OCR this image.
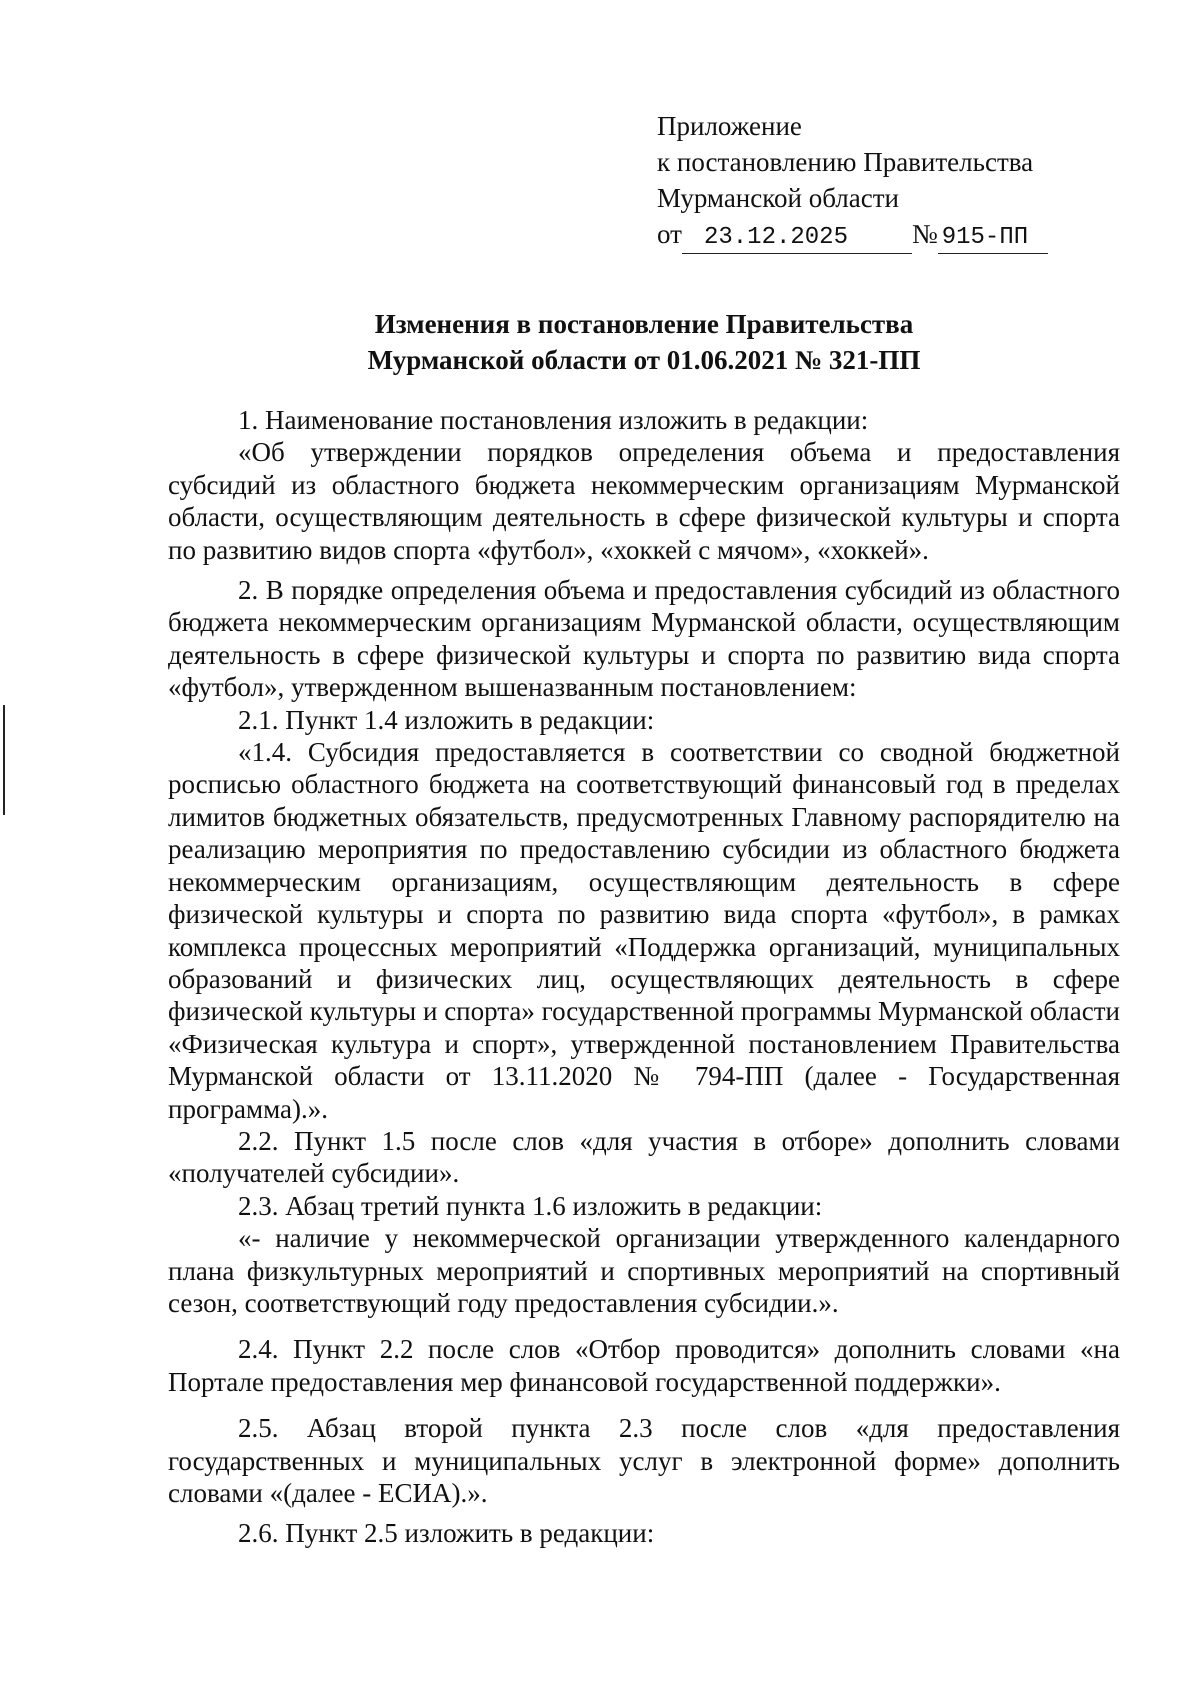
Приложение
к постановлению Правительства
Мурманской области
от 23.12.2025 № 915-ПП
Изменения в постановление Правительства
Мурманской области от 01.06.2021 № 321-ПП

1. Наименование постановления изложить в редакции:

«Об утверждении порядков определения объема и предоставления субсидий из областного бюджета некоммерческим организациям Мурманской области, осуществляющим деятельность в сфере физической культуры и спорта по развитию видов спорта «футбол», «хоккей с мячом», «хоккей».

2. В порядке определения объема и предоставления субсидий из областного бюджета некоммерческим организациям Мурманской области, осуществляющим деятельность в сфере физической культуры и спорта по развитию вида спорта «футбол», утвержденном вышеназванным постановлением:

2.1. Пункт 1.4 изложить в редакции:

«1.4. Субсидия предоставляется в соответствии со сводной бюджетной росписью областного бюджета на соответствующий финансовый год в пределах лимитов бюджетных обязательств, предусмотренных Главному распорядителю на реализацию мероприятия по предоставлению субсидии из областного бюджета некоммерческим организациям, осуществляющим деятельность в сфере физической культуры и спорта по развитию вида спорта «футбол», в рамках комплекса процессных мероприятий «Поддержка организаций, муниципальных образований и физических лиц, осуществляющих деятельность в сфере физической культуры и спорта» государственной программы Мурманской области «Физическая культура и спорт», утвержденной постановлением Правительства Мурманской области от 13.11.2020 № 794-ПП (далее - Государственная программа).».

2.2. Пункт 1.5 после слов «для участия в отборе» дополнить словами «получателей субсидии».

2.3. Абзац третий пункта 1.6 изложить в редакции:

«- наличие у некоммерческой организации утвержденного календарного плана физкультурных мероприятий и спортивных мероприятий на спортивный сезон, соответствующий году предоставления субсидии.».

2.4. Пункт 2.2 после слов «Отбор проводится» дополнить словами «на Портале предоставления мер финансовой государственной поддержки».

2.5. Абзац второй пункта 2.3 после слов «для предоставления государственных и муниципальных услуг в электронной форме» дополнить словами «(далее - ЕСИА).».

2.6. Пункт 2.5 изложить в редакции:
